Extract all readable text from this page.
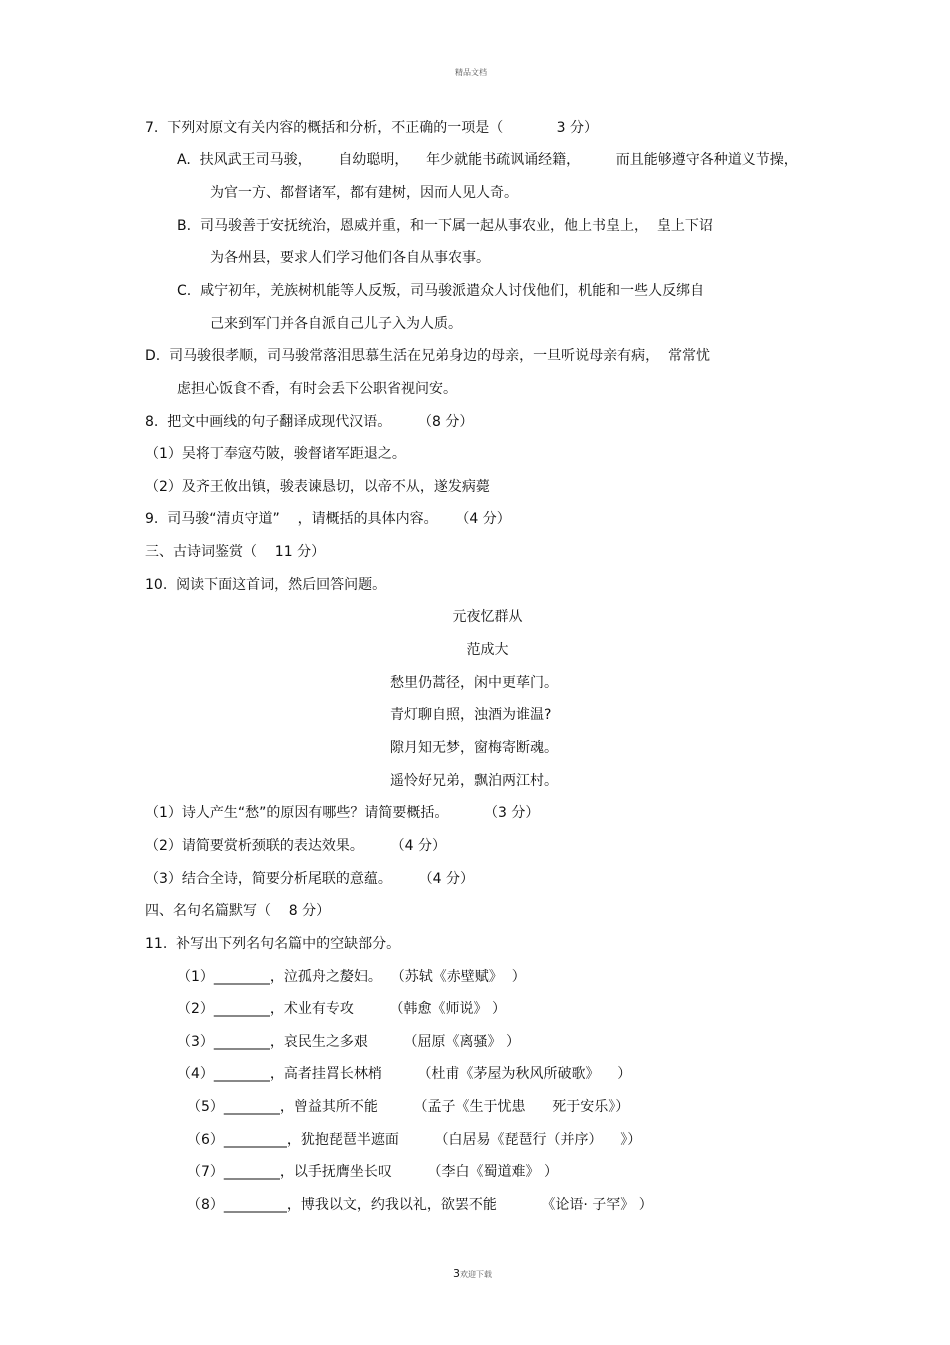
精品文档
7.  下列对原文有关内容的概括和分析，不正确的一项是（            3 分）
A.  扶风武王司马骏，      自幼聪明，    年少就能书疏讽诵经籍，        而且能够遵守各种道义节操，
为官一方、都督诸军，都有建树，因而人见人奇。
B.  司马骏善于安抚统治，恩威并重，和一下属一起从事农业，他上书皇上，  皇上下诏
为各州县，要求人们学习他们各自从事农事。
C.  咸宁初年，羌族树机能等人反叛，司马骏派遣众人讨伐他们，机能和一些人反绑自
己来到军门并各自派自己儿子入为人质。
D.  司马骏很孝顺，司马骏常落泪思慕生活在兄弟身边的母亲，一旦听说母亲有病，  常常忧
虑担心饭食不香，有时会丢下公职省视问安。
8.  把文中画线的句子翻译成现代汉语。      （8 分）
（1）吴将丁奉寇芍陂，骏督诸军距退之。
（2）及齐王攸出镇，骏表谏恳切，以帝不从，遂发病薨
9.  司马骏“清贞守道”    ，请概括的具体内容。    （4 分）
三、古诗词鉴赏（    11 分）
10.  阅读下面这首词，然后回答问题。
元夜忆群从
范成大
愁里仍蒿径，闲中更荜门。
青灯聊自照，浊酒为谁温?
隙月知无梦，窗梅寄断魂。
遥怜好兄弟，飘泊两江村。
（1）诗人产生“愁”的原因有哪些？请简要概括。        （3 分）
（2）请简要赏析颈联的表达效果。      （4 分）
（3）结合全诗，简要分析尾联的意蕴。      （4 分）
四、名句名篇默写（    8 分）
11.  补写出下列名句名篇中的空缺部分。
（1）________，泣孤舟之嫠妇。  （苏轼《赤壁赋》  ）
（2）________，术业有专攻        （韩愈《师说》 ）
（3）________，哀民生之多艰        （屈原《离骚》 ）
（4）________，高者挂罥长林梢        （杜甫《茅屋为秋风所破歌》    ）
（5）________，曾益其所不能        （孟子《生于忧患      死于安乐》）
（6）_________，犹抱琵琶半遮面        （白居易《琵琶行（并序）    》）
（7）________，以手抚膺坐长叹        （李白《蜀道难》 ）
（8）_________，博我以文，约我以礼，欲罢不能          《论语· 子罕》 ）
3欢迎下载
